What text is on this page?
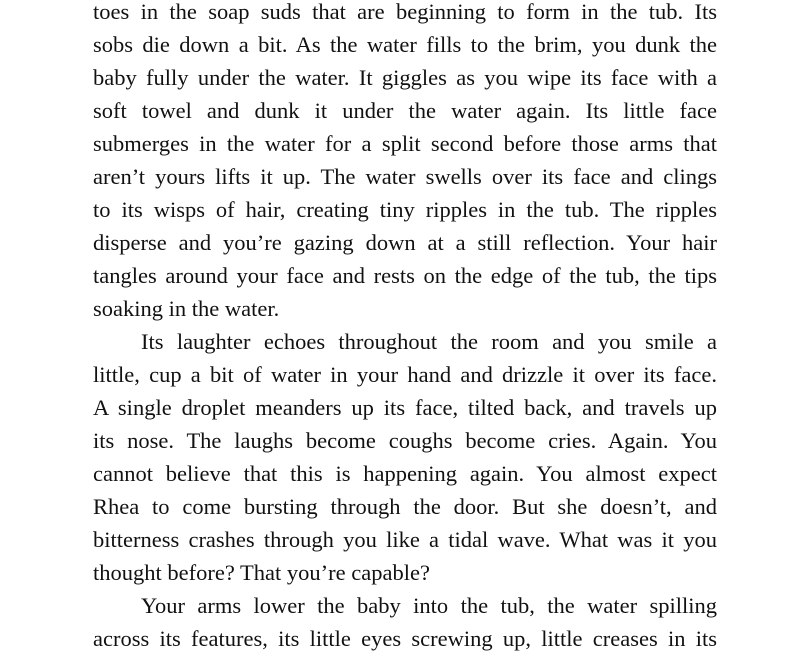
toes in the soap suds that are beginning to form in the tub. Its
sobs die down a bit. As the water fills to the brim, you dunk the
baby fully under the water. It giggles as you wipe its face with a
soft towel and dunk it under the water again. Its little face
submerges in the water for a split second before those arms that
aren’t yours lifts it up. The water swells over its face and clings
to its wisps of hair, creating tiny ripples in the tub. The ripples
disperse and you’re gazing down at a still reflection. Your hair
tangles around your face and rests on the edge of the tub, the tips
soaking in the water.
Its laughter echoes throughout the room and you smile a
little, cup a bit of water in your hand and drizzle it over its face.
A single droplet meanders up its face, tilted back, and travels up
its nose. The laughs become coughs become cries. Again. You
cannot believe that this is happening again. You almost expect
Rhea to come bursting through the door. But she doesn’t, and
bitterness crashes through you like a tidal wave. What was it you
thought before? That you’re capable?
Your arms lower the baby into the tub, the water spilling
across its features, its little eyes screwing up, little creases in its
